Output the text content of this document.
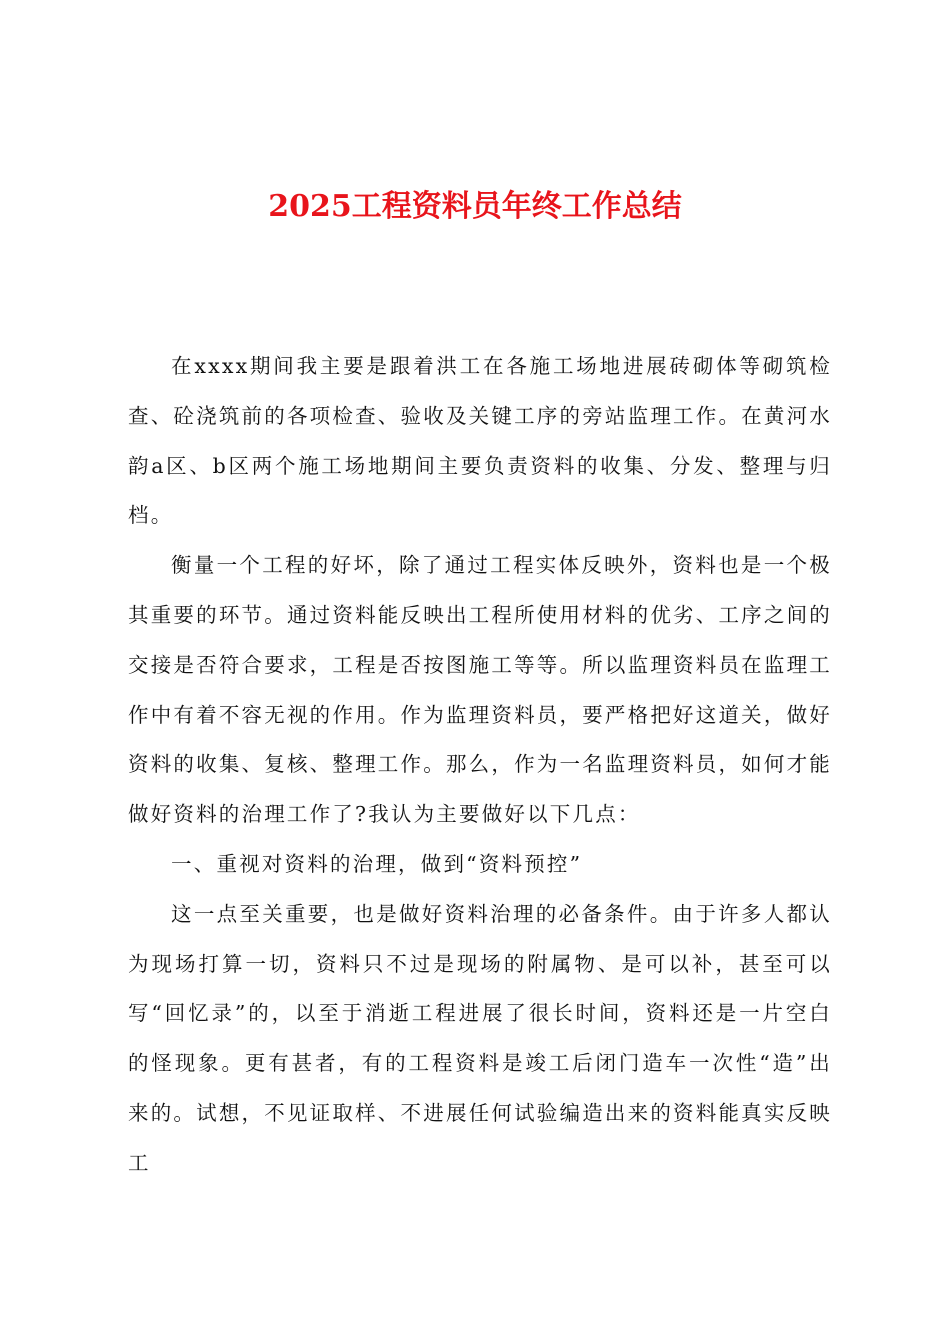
2025工程资料员年终工作总结

在xxxx期间我主要是跟着洪工在各施工场地进展砖砌体等砌筑检查、砼浇筑前的各项检查、验收及关键工序的旁站监理工作。在黄河水韵a区、b区两个施工场地期间主要负责资料的收集、分发、整理与归档。

衡量一个工程的好坏，除了通过工程实体反映外，资料也是一个极其重要的环节。通过资料能反映出工程所使用材料的优劣、工序之间的交接是否符合要求，工程是否按图施工等等。所以监理资料员在监理工作中有着不容无视的作用。作为监理资料员，要严格把好这道关，做好资料的收集、复核、整理工作。那么，作为一名监理资料员，如何才能做好资料的治理工作了?我认为主要做好以下几点：

一、重视对资料的治理，做到“资料预控”

这一点至关重要，也是做好资料治理的必备条件。由于许多人都认为现场打算一切，资料只不过是现场的附属物、是可以补，甚至可以写“回忆录”的，以至于消逝工程进展了很长时间，资料还是一片空白的怪现象。更有甚者，有的工程资料是竣工后闭门造车一次性“造”出来的。试想，不见证取样、不进展任何试验编造出来的资料能真实反映工
